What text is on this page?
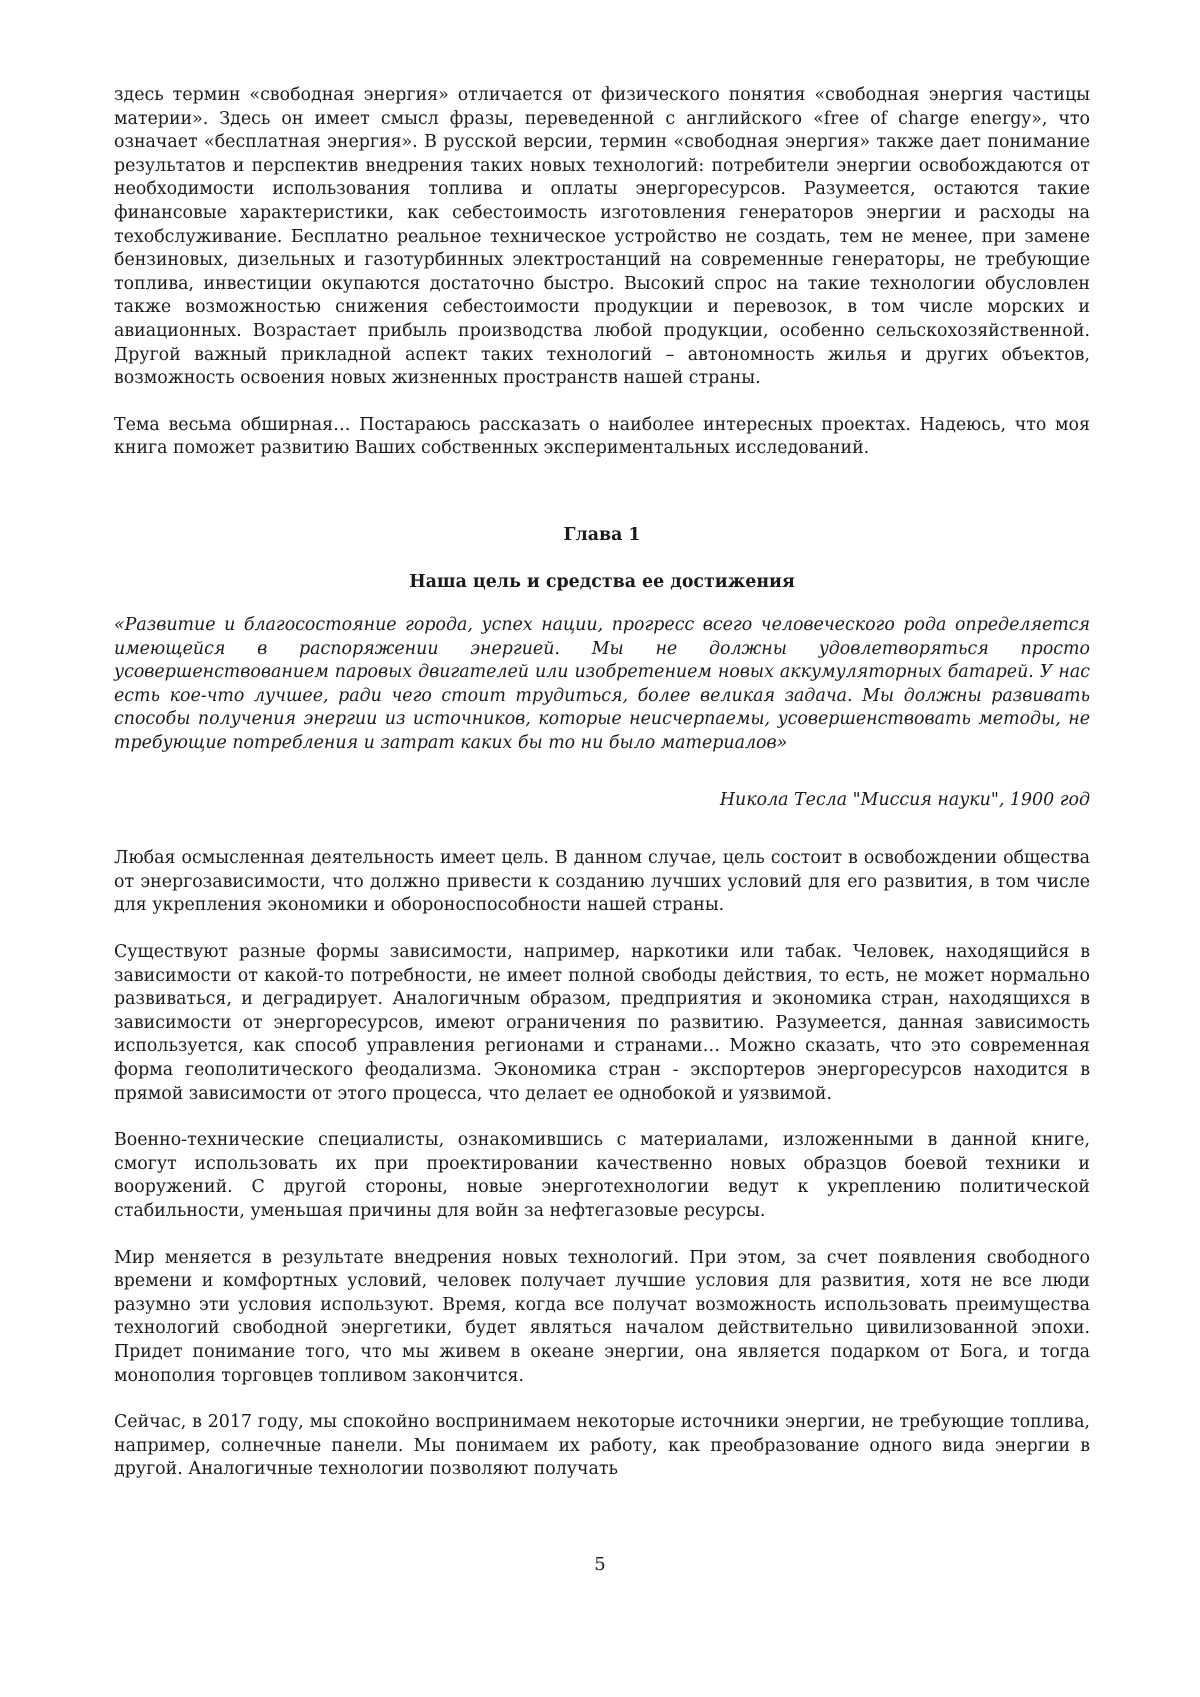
здесь термин «свободная энергия» отличается от физического понятия «свободная энергия частицы материи». Здесь он имеет смысл фразы, переведенной с английского «free of charge energy», что означает «бесплатная энергия». В русской версии, термин «свободная энергия» также дает понимание результатов и перспектив внедрения таких новых технологий: потребители энергии освобождаются от необходимости использования топлива и оплаты энергоресурсов. Разумеется, остаются такие финансовые характеристики, как себестоимость изготовления генераторов энергии и расходы на техобслуживание. Бесплатно реальное техническое устройство не создать, тем не менее, при замене бензиновых, дизельных и газотурбинных электростанций на современные генераторы, не требующие топлива, инвестиции окупаются достаточно быстро. Высокий спрос на такие технологии обусловлен также возможностью снижения себестоимости продукции и перевозок, в том числе морских и авиационных. Возрастает прибыль производства любой продукции, особенно сельскохозяйственной. Другой важный прикладной аспект таких технологий – автономность жилья и других объектов, возможность освоения новых жизненных пространств нашей страны.

Тема весьма обширная… Постараюсь рассказать о наиболее интересных проектах. Надеюсь, что моя книга поможет развитию Ваших собственных экспериментальных исследований.

Глава 1

Наша цель и средства ее достижения

«Развитие и благосостояние города, успех нации, прогресс всего человеческого рода определяется имеющейся в распоряжении энергией. Мы не должны удовлетворяться просто усовершенствованием паровых двигателей или изобретением новых аккумуляторных батарей. У нас есть кое-что лучшее, ради чего стоит трудиться, более великая задача. Мы должны развивать способы получения энергии из источников, которые неисчерпаемы, усовершенствовать методы, не требующие потребления и затрат каких бы то ни было материалов»

Никола Тесла "Миссия науки", 1900 год

Любая осмысленная деятельность имеет цель. В данном случае, цель состоит в освобождении общества от энергозависимости, что должно привести к созданию лучших условий для его развития, в том числе для укрепления экономики и обороноспособности нашей страны.

Существуют разные формы зависимости, например, наркотики или табак. Человек, находящийся в зависимости от какой-то потребности, не имеет полной свободы действия, то есть, не может нормально развиваться, и деградирует. Аналогичным образом, предприятия и экономика стран, находящихся в зависимости от энергоресурсов, имеют ограничения по развитию. Разумеется, данная зависимость используется, как способ управления регионами и странами… Можно сказать, что это современная форма геополитического феодализма. Экономика стран - экспортеров энергоресурсов находится в прямой зависимости от этого процесса, что делает ее однобокой и уязвимой.

Военно-технические специалисты, ознакомившись с материалами, изложенными в данной книге, смогут использовать их при проектировании качественно новых образцов боевой техники и вооружений. С другой стороны, новые энерготехнологии ведут к укреплению политической стабильности, уменьшая причины для войн за нефтегазовые ресурсы.

Мир меняется в результате внедрения новых технологий. При этом, за счет появления свободного времени и комфортных условий, человек получает лучшие условия для развития, хотя не все люди разумно эти условия используют. Время, когда все получат возможность использовать преимущества технологий свободной энергетики, будет являться началом действительно цивилизованной эпохи. Придет понимание того, что мы живем в океане энергии, она является подарком от Бога, и тогда монополия торговцев топливом закончится.

Сейчас, в 2017 году, мы спокойно воспринимаем некоторые источники энергии, не требующие топлива, например, солнечные панели. Мы понимаем их работу, как преобразование одного вида энергии в другой. Аналогичные технологии позволяют получать

5
